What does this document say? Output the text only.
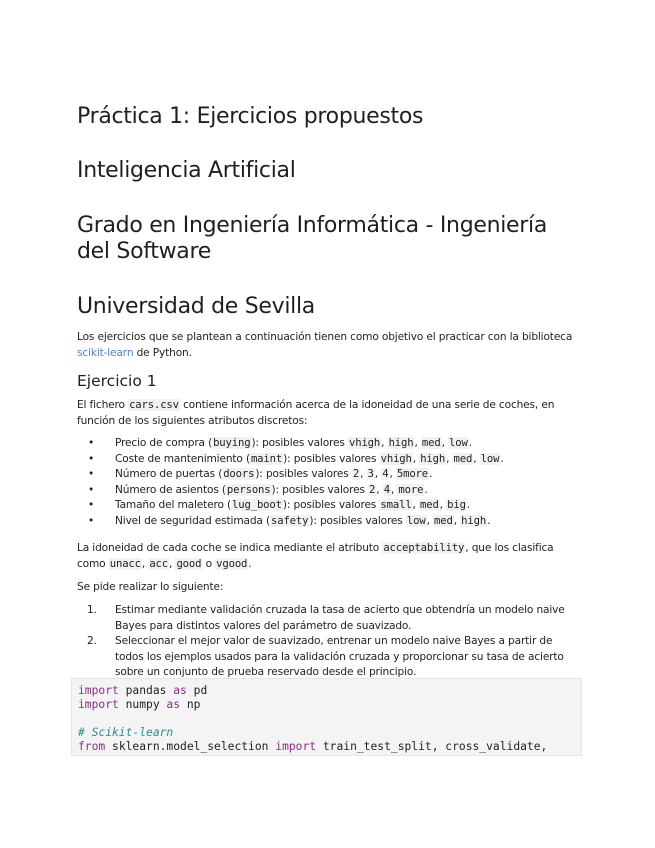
Práctica 1: Ejercicios propuestos
Inteligencia Artificial
Grado en Ingeniería Informática - Ingeniería del Software
Universidad de Sevilla

Los ejercicios que se plantean a continuación tienen como objetivo el practicar con la biblioteca scikit-learn de Python.

Ejercicio 1

El fichero cars.csv contiene información acerca de la idoneidad de una serie de coches, en función de los siguientes atributos discretos:

• Precio de compra (buying): posibles valores vhigh, high, med, low.
• Coste de mantenimiento (maint): posibles valores vhigh, high, med, low.
• Número de puertas (doors): posibles valores 2, 3, 4, 5more.
• Número de asientos (persons): posibles valores 2, 4, more.
• Tamaño del maletero (lug_boot): posibles valores small, med, big.
• Nivel de seguridad estimada (safety): posibles valores low, med, high.

La idoneidad de cada coche se indica mediante el atributo acceptability, que los clasifica como unacc, acc, good o vgood.

Se pide realizar lo siguiente:

1. Estimar mediante validación cruzada la tasa de acierto que obtendría un modelo naive Bayes para distintos valores del parámetro de suavizado.
2. Seleccionar el mejor valor de suavizado, entrenar un modelo naive Bayes a partir de todos los ejemplos usados para la validación cruzada y proporcionar su tasa de acierto sobre un conjunto de prueba reservado desde el principio.
import pandas as pd
import numpy as np

# Scikit-learn
from sklearn.model_selection import train_test_split, cross_validate,
